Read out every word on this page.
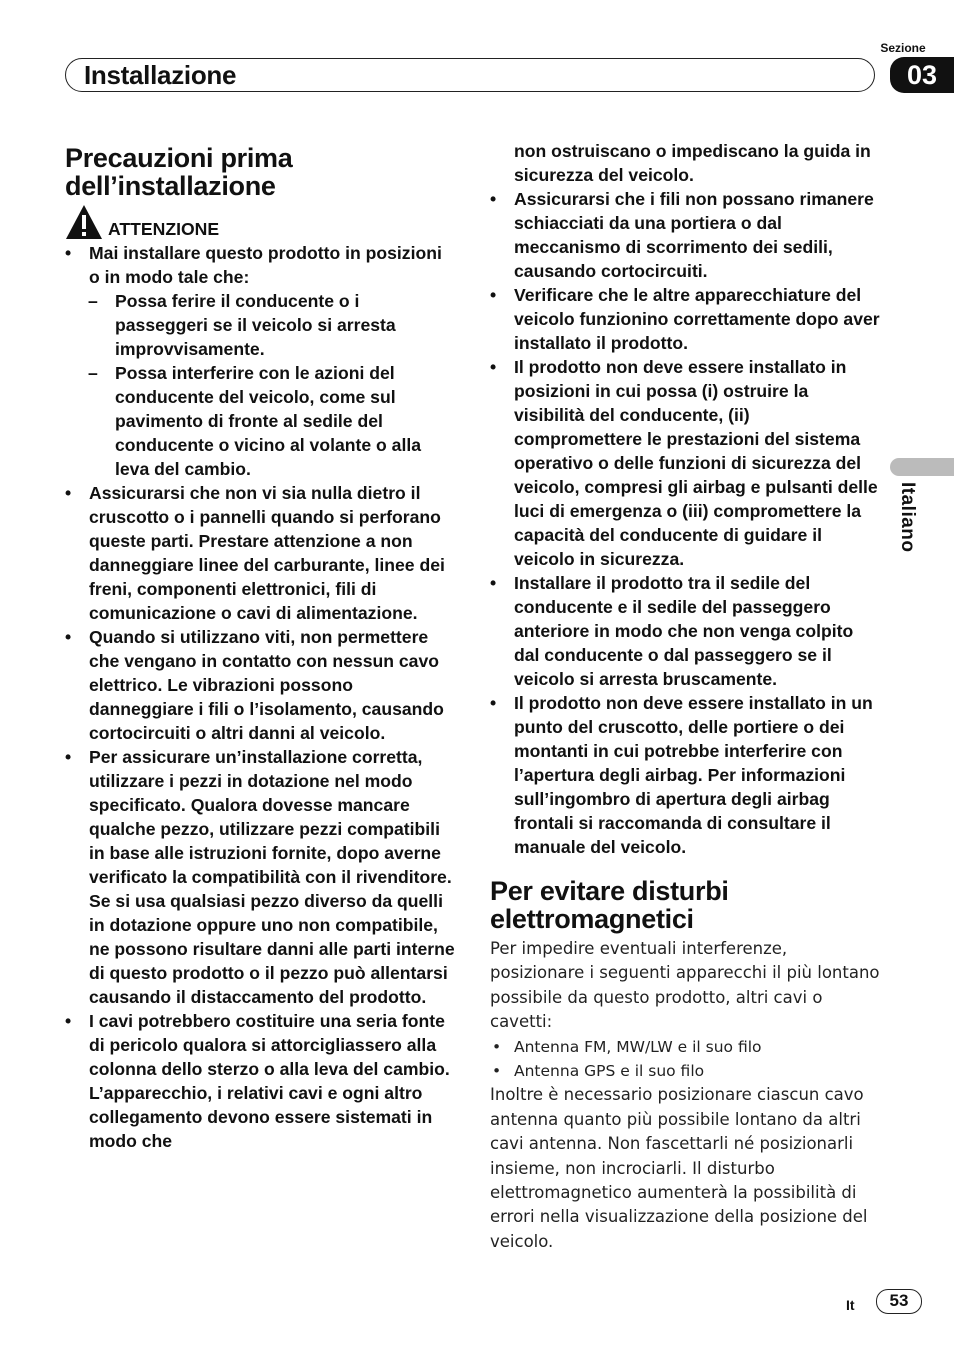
Sezione
Installazione	03
Italiano
Precauzioni prima dell’installazione
ATTENZIONE
• Mai installare questo prodotto in posizioni o in modo tale che:
– Possa ferire il conducente o i passeggeri se il veicolo si arresta improvvisamente.
– Possa interferire con le azioni del conducente del veicolo, come sul pavimento di fronte al sedile del conducente o vicino al volante o alla leva del cambio.
• Assicurarsi che non vi sia nulla dietro il cruscotto o i pannelli quando si perforano queste parti. Prestare attenzione a non danneggiare linee del carburante, linee dei freni, componenti elettronici, fili di comunicazione o cavi di alimentazione.
• Quando si utilizzano viti, non permettere che vengano in contatto con nessun cavo elettrico. Le vibrazioni possono danneggiare i fili o l’isolamento, causando cortocircuiti o altri danni al veicolo.
• Per assicurare un’installazione corretta, utilizzare i pezzi in dotazione nel modo specificato. Qualora dovesse mancare qualche pezzo, utilizzare pezzi compatibili in base alle istruzioni fornite, dopo averne verificato la compatibilità con il rivenditore. Se si usa qualsiasi pezzo diverso da quelli in dotazione oppure uno non compatibile, ne possono risultare danni alle parti interne di questo prodotto o il pezzo può allentarsi causando il distaccamento del prodotto.
• I cavi potrebbero costituire una seria fonte di pericolo qualora si attorcigliassero alla colonna dello sterzo o alla leva del cambio. L’apparecchio, i relativi cavi e ogni altro collegamento devono essere sistemati in modo che
non ostruiscano o impediscano la guida in sicurezza del veicolo.
• Assicurarsi che i fili non possano rimanere schiacciati da una portiera o dal meccanismo di scorrimento dei sedili, causando cortocircuiti.
• Verificare che le altre apparecchiature del veicolo funzionino correttamente dopo aver installato il prodotto.
• Il prodotto non deve essere installato in posizioni in cui possa (i) ostruire la visibilità del conducente, (ii) compromettere le prestazioni del sistema operativo o delle funzioni di sicurezza del veicolo, compresi gli airbag e pulsanti delle luci di emergenza o (iii) compromettere la capacità del conducente di guidare il veicolo in sicurezza.
• Installare il prodotto tra il sedile del conducente e il sedile del passeggero anteriore in modo che non venga colpito dal conducente o dal passeggero se il veicolo si arresta bruscamente.
• Il prodotto non deve essere installato in un punto del cruscotto, delle portiere o dei montanti in cui potrebbe interferire con l’apertura degli airbag. Per informazioni sull’ingombro di apertura degli airbag frontali si raccomanda di consultare il manuale del veicolo.
Per evitare disturbi elettromagnetici
Per impedire eventuali interferenze, posizionare i seguenti apparecchi il più lontano possibile da questo prodotto, altri cavi o cavetti:
• Antenna FM, MW/LW e il suo filo
• Antenna GPS e il suo filo
Inoltre è necessario posizionare ciascun cavo antenna quanto più possibile lontano da altri cavi antenna. Non fascettarli né posizionarli insieme, non incrociarli. Il disturbo elettromagnetico aumenterà la possibilità di errori nella visualizzazione della posizione del veicolo.
It	53
